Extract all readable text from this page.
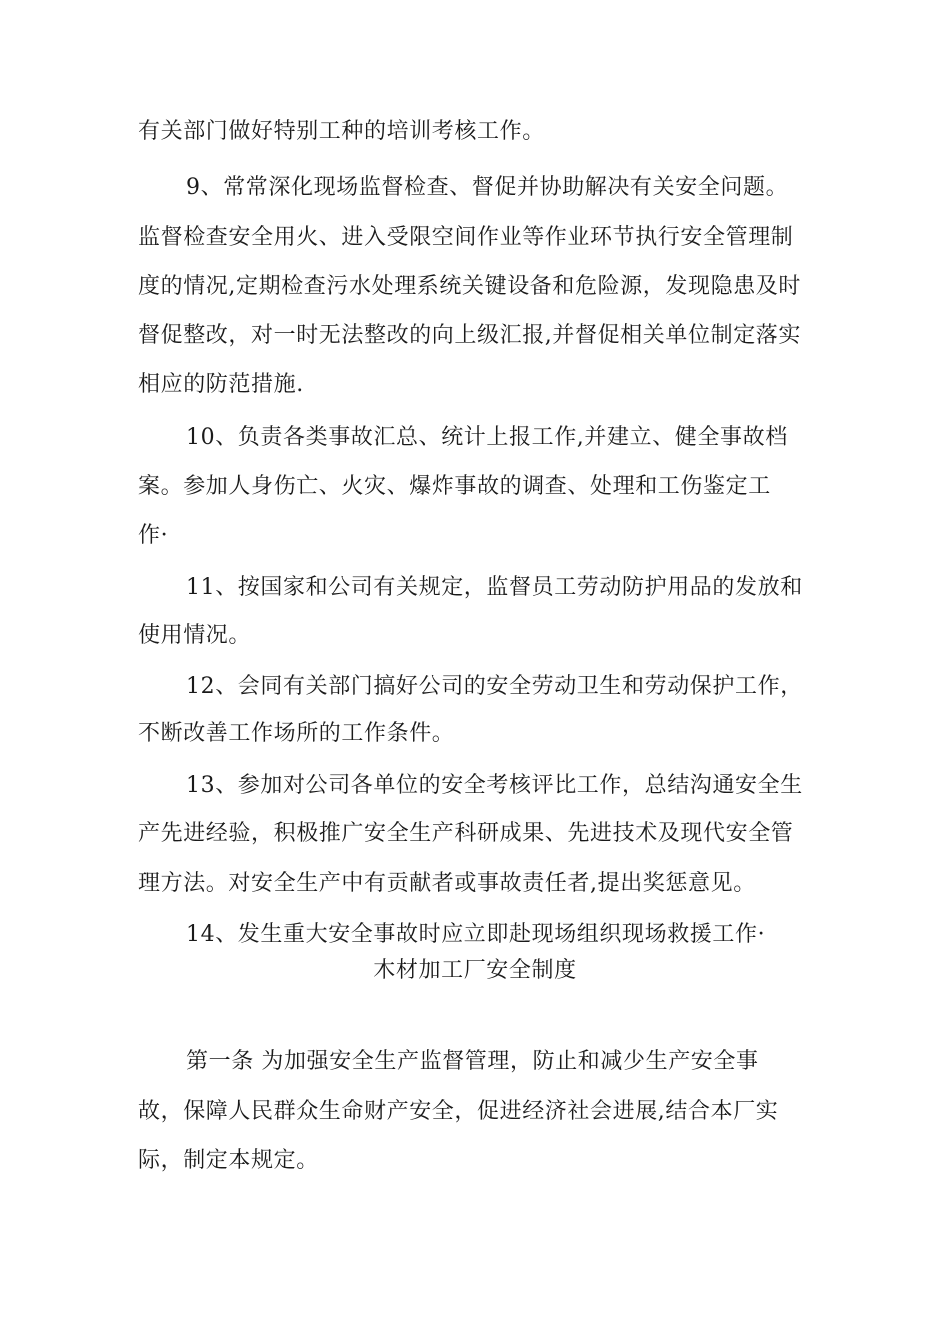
有关部门做好特别工种的培训考核工作。
9、常常深化现场监督检查、督促并协助解决有关安全问题。
监督检查安全用火、进入受限空间作业等作业环节执行安全管理制
度的情况,定期检查污水处理系统关键设备和危险源，发现隐患及时
督促整改，对一时无法整改的向上级汇报,并督促相关单位制定落实
相应的防范措施.
10、负责各类事故汇总、统计上报工作,并建立、健全事故档
案。参加人身伤亡、火灾、爆炸事故的调查、处理和工伤鉴定工
作·
11、按国家和公司有关规定，监督员工劳动防护用品的发放和
使用情况。
12、会同有关部门搞好公司的安全劳动卫生和劳动保护工作，
不断改善工作场所的工作条件。
13、参加对公司各单位的安全考核评比工作，总结沟通安全生
产先进经验，积极推广安全生产科研成果、先进技术及现代安全管
理方法。对安全生产中有贡献者或事故责任者,提出奖惩意见。
14、发生重大安全事故时应立即赴现场组织现场救援工作·
木材加工厂安全制度
第一条 为加强安全生产监督管理，防止和减少生产安全事
故，保障人民群众生命财产安全，促进经济社会进展,结合本厂实
际，制定本规定。
